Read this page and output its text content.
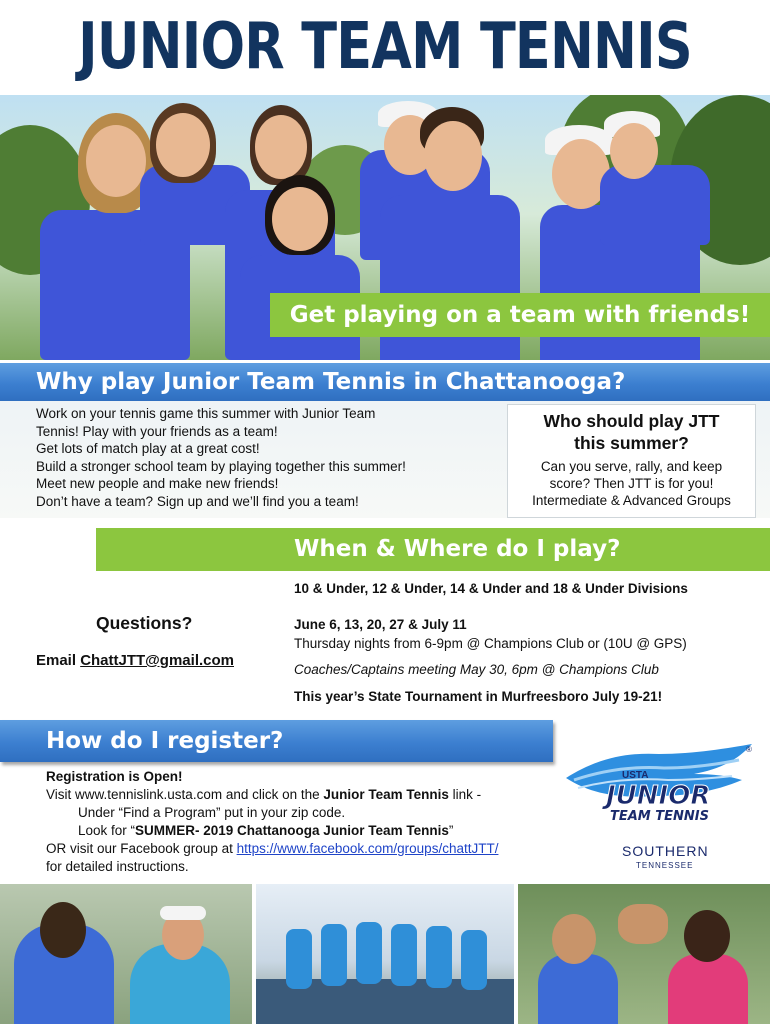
JUNIOR TEAM TENNIS
Get playing on a team with friends!
Why play Junior Team Tennis in Chattanooga?
Work on your tennis game this summer with Junior Team
Tennis! Play with your friends as a team!
Get lots of match play at a great cost!
Build a stronger school team by playing together this summer!
Meet new people and make new friends!
Don’t have a team? Sign up and we’ll find you a team!
Who should play JTT
this summer?
Can you serve, rally, and keep
score? Then JTT is for you!
Intermediate & Advanced Groups
When & Where do I play?
10 & Under, 12 & Under, 14 & Under and 18 & Under Divisions
Questions?
Email ChattJTT@gmail.com
June 6, 13, 20, 27 & July 11
Thursday nights from 6-9pm @ Champions Club or (10U @ GPS)
Coaches/Captains meeting May 30, 6pm @ Champions Club
This year’s State Tournament in Murfreesboro July 19-21!
How do I register?
Registration is Open!
Visit www.tennislink.usta.com and click on the Junior Team Tennis link -
Under “Find a Program” put in your zip code.
Look for “SUMMER- 2019 Chattanooga Junior Team Tennis”
OR visit our Facebook group at https://www.facebook.com/groups/chattJTT/
for detailed instructions.
USTA
JUNIOR
TEAM TENNIS
®
SOUTHERN
TENNESSEE
